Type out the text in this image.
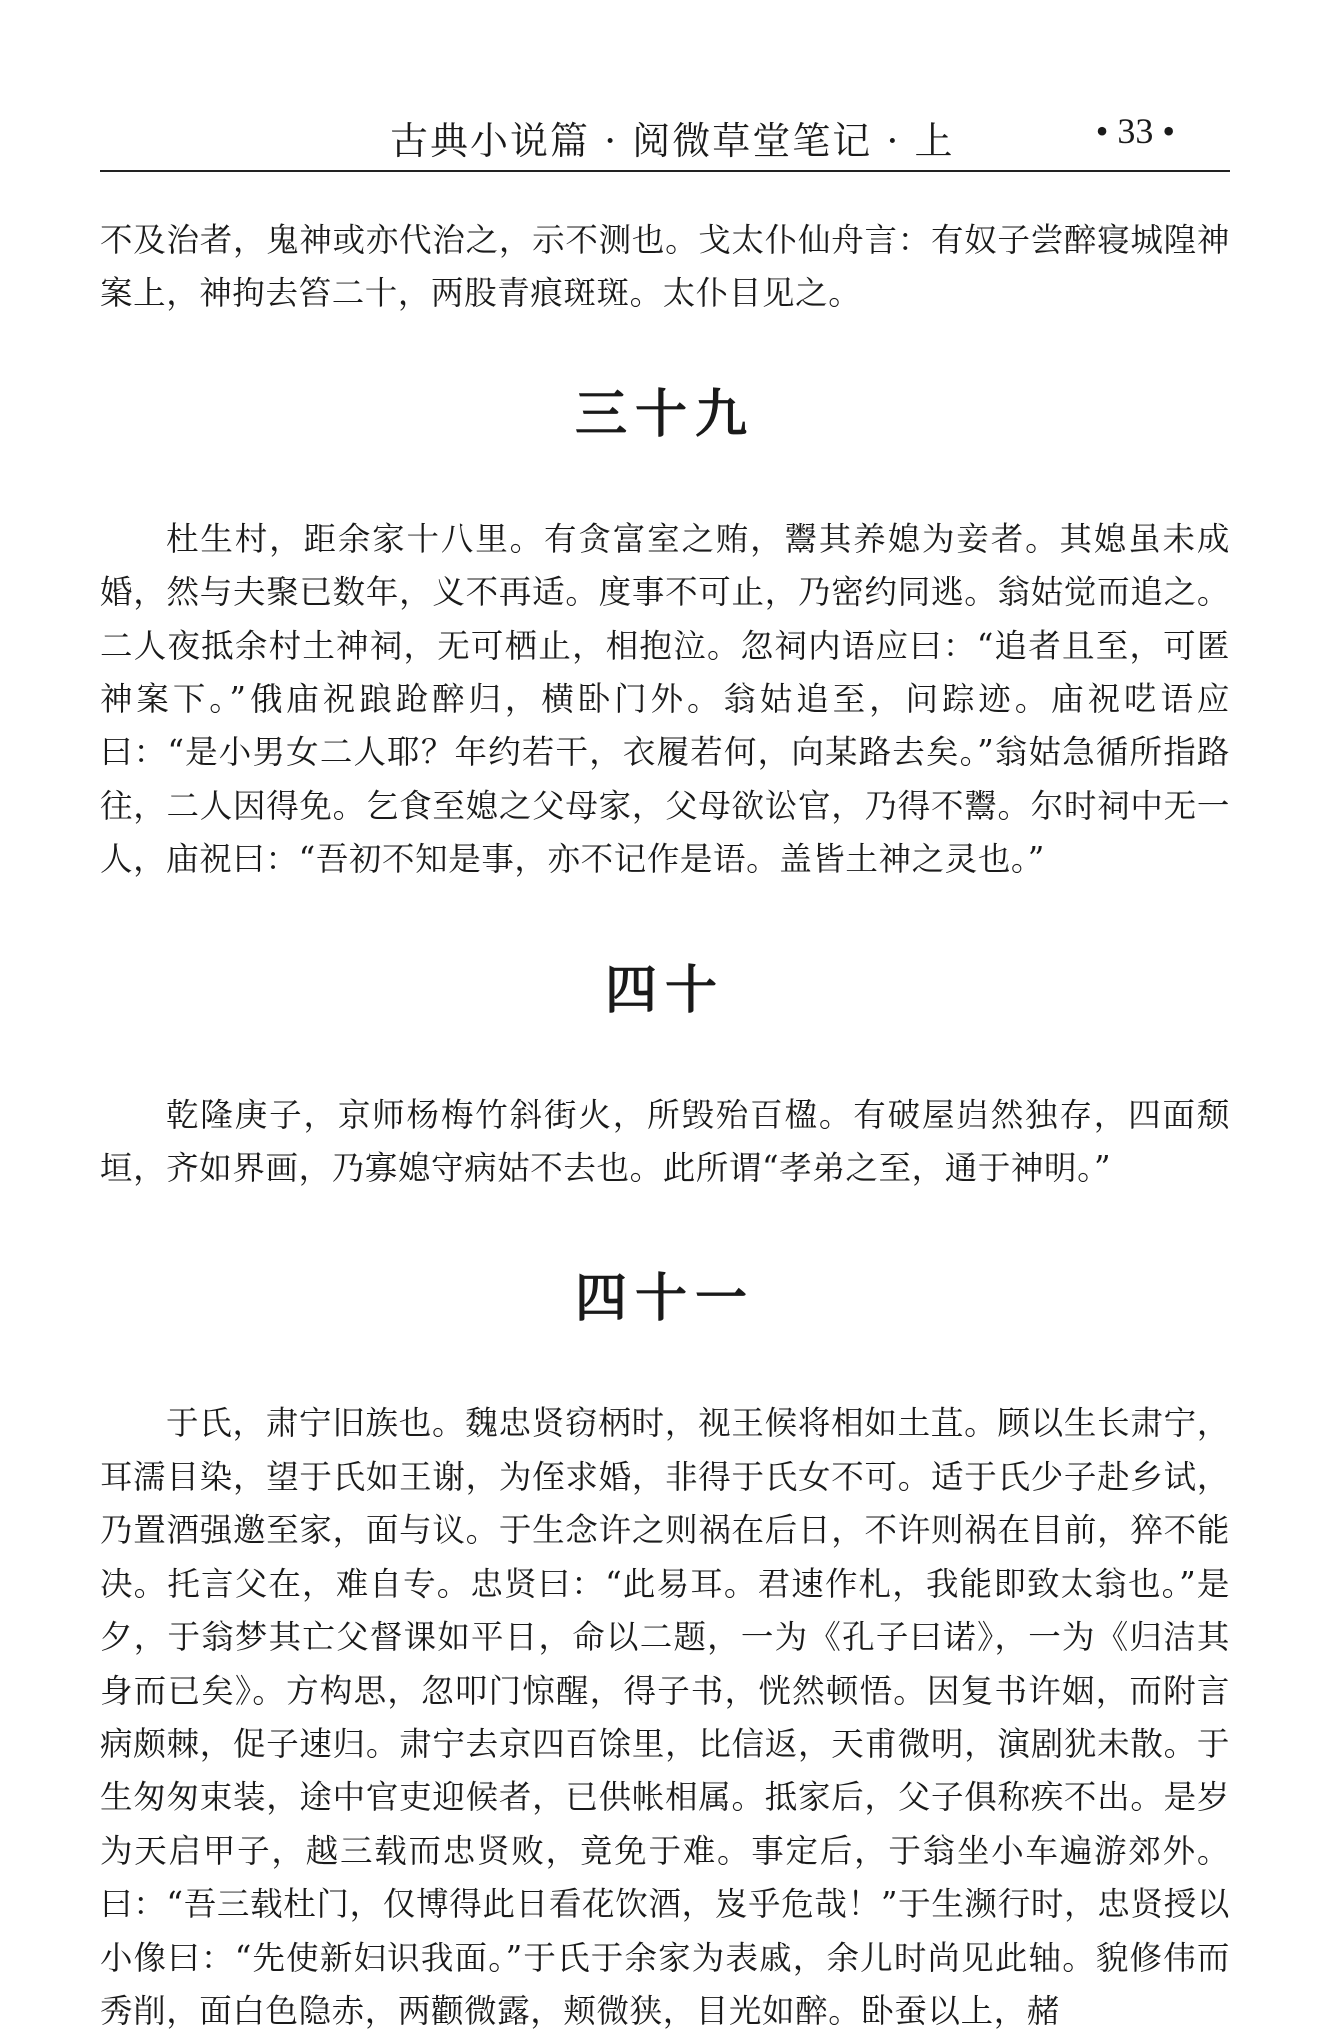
古典小说篇 · 阅微草堂笔记 · 上	• 33 •

不及治者，鬼神或亦代治之，示不测也。戈太仆仙舟言：有奴子尝醉寝城隍神案上，神拘去笞二十，两股青痕斑斑。太仆目见之。

三十九

杜生村，距余家十八里。有贪富室之贿，鬻其养媳为妾者。其媳虽未成婚，然与夫聚已数年，义不再适。度事不可止，乃密约同逃。翁姑觉而追之。二人夜抵余村土神祠，无可栖止，相抱泣。忽祠内语应曰：“追者且至，可匿神案下。”俄庙祝踉跄醉归，横卧门外。翁姑追至，问踪迹。庙祝呓语应曰：“是小男女二人耶？年约若干，衣履若何，向某路去矣。”翁姑急循所指路往，二人因得免。乞食至媳之父母家，父母欲讼官，乃得不鬻。尔时祠中无一人，庙祝曰：“吾初不知是事，亦不记作是语。盖皆土神之灵也。”

四十

乾隆庚子，京师杨梅竹斜街火，所毁殆百楹。有破屋岿然独存，四面颓垣，齐如界画，乃寡媳守病姑不去也。此所谓“孝弟之至，通于神明。”

四十一

于氏，肃宁旧族也。魏忠贤窃柄时，视王候将相如土苴。顾以生长肃宁，耳濡目染，望于氏如王谢，为侄求婚，非得于氏女不可。适于氏少子赴乡试，乃置酒强邀至家，面与议。于生念许之则祸在后日，不许则祸在目前，猝不能决。托言父在，难自专。忠贤曰：“此易耳。君速作札，我能即致太翁也。”是夕，于翁梦其亡父督课如平日，命以二题，一为《孔子曰诺》，一为《归洁其身而已矣》。方构思，忽叩门惊醒，得子书，恍然顿悟。因复书许姻，而附言病颇棘，促子速归。肃宁去京四百馀里，比信返，天甫微明，演剧犹未散。于生匆匆束装，途中官吏迎候者，已供帐相属。抵家后，父子俱称疾不出。是岁为天启甲子，越三载而忠贤败，竟免于难。事定后，于翁坐小车遍游郊外。曰：“吾三载杜门，仅博得此日看花饮酒，岌乎危哉！”于生濒行时，忠贤授以小像曰：“先使新妇识我面。”于氏于余家为表戚，余儿时尚见此轴。貌修伟而秀削，面白色隐赤，两颧微露，颊微狭，目光如醉。卧蚕以上，赭
